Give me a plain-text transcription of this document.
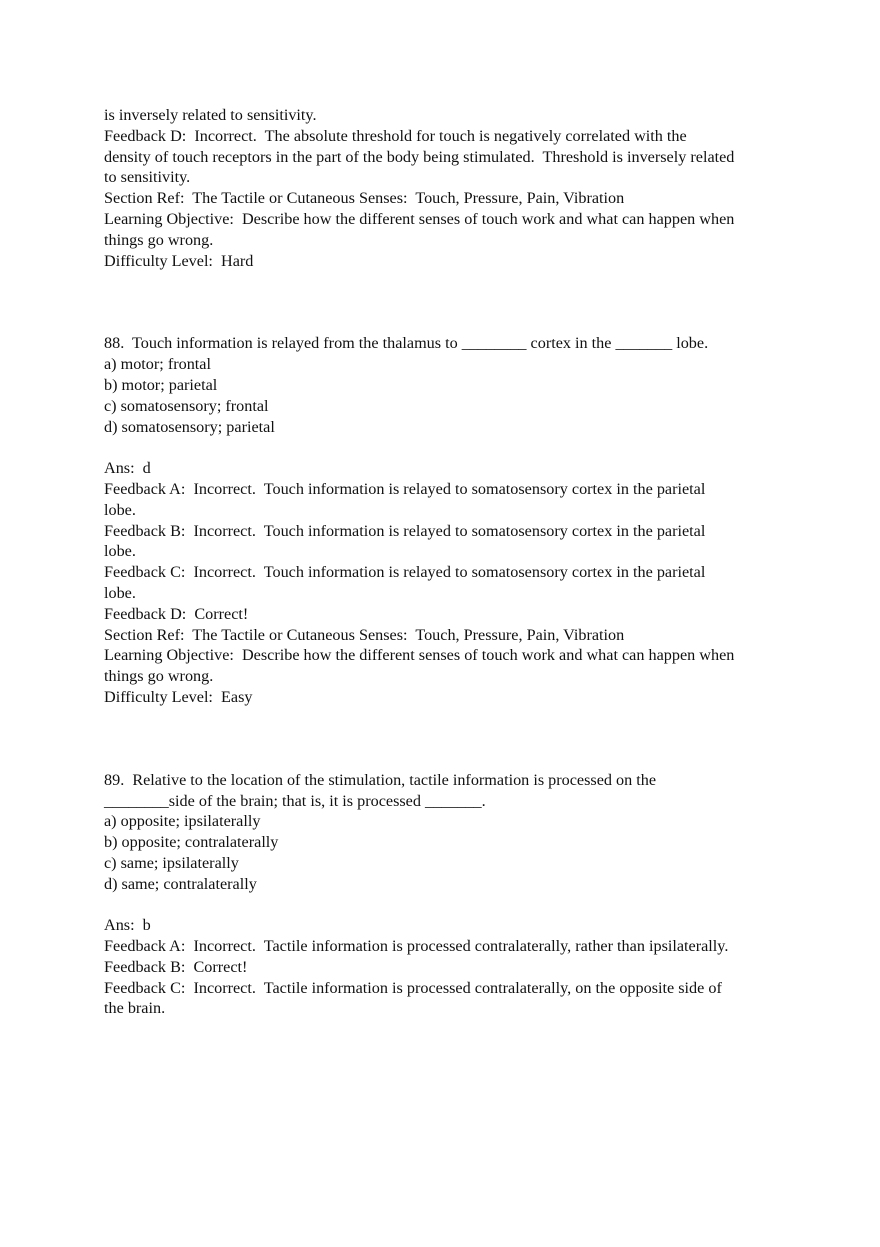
is inversely related to sensitivity.

Feedback D:  Incorrect.  The absolute threshold for touch is negatively correlated with the

density of touch receptors in the part of the body being stimulated.  Threshold is inversely related

to sensitivity.

Section Ref:  The Tactile or Cutaneous Senses:  Touch, Pressure, Pain, Vibration

Learning Objective:  Describe how the different senses of touch work and what can happen when

things go wrong.

Difficulty Level:  Hard

88.  Touch information is relayed from the thalamus to ________ cortex in the _______ lobe.

a) motor; frontal

b) motor; parietal

c) somatosensory; frontal

d) somatosensory; parietal

Ans:  d

Feedback A:  Incorrect.  Touch information is relayed to somatosensory cortex in the parietal

lobe.

Feedback B:  Incorrect.  Touch information is relayed to somatosensory cortex in the parietal

lobe.

Feedback C:  Incorrect.  Touch information is relayed to somatosensory cortex in the parietal

lobe.

Feedback D:  Correct!

Section Ref:  The Tactile or Cutaneous Senses:  Touch, Pressure, Pain, Vibration

Learning Objective:  Describe how the different senses of touch work and what can happen when

things go wrong.

Difficulty Level:  Easy

89.  Relative to the location of the stimulation, tactile information is processed on the

________side of the brain; that is, it is processed _______.

a) opposite; ipsilaterally

b) opposite; contralaterally

c) same; ipsilaterally

d) same; contralaterally

Ans:  b

Feedback A:  Incorrect.  Tactile information is processed contralaterally, rather than ipsilaterally.

Feedback B:  Correct!

Feedback C:  Incorrect.  Tactile information is processed contralaterally, on the opposite side of

the brain.
